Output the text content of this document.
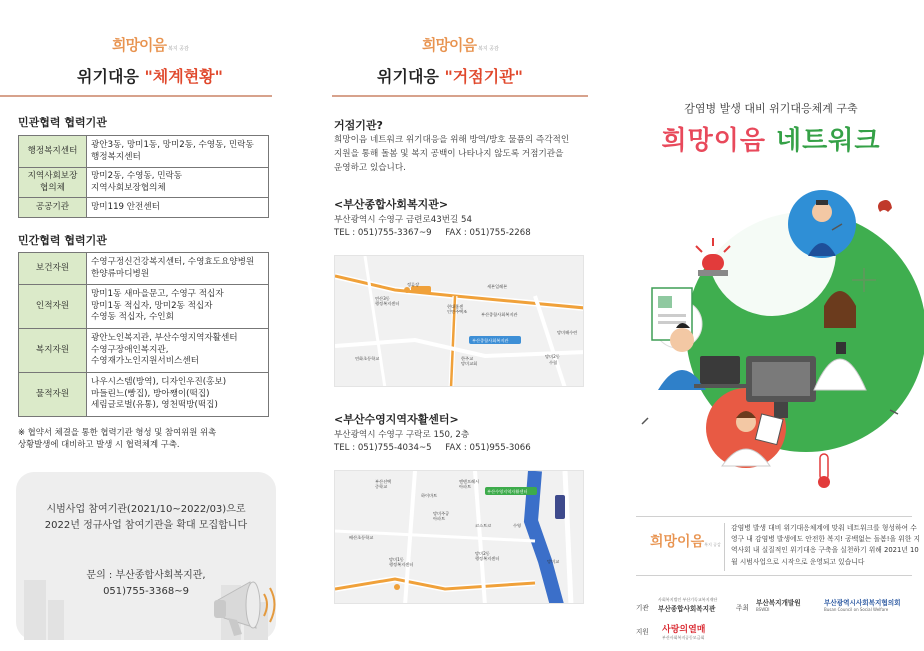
희망이음 복지 공감
위기대응 "체계현황"
민관협력 협력기관
행정복지센터	광안3동, 망미1동, 망미2동, 수영동, 민락동 행정복지센터
지역사회보장
협의체	망미2동, 수영동, 민락동
지역사회보장협의체
공공기관	망미119 안전센터
민간협력 협력기관
보건자원	수영구정신건강복지센터, 수영효도요양병원
한양류마디병원
인적자원	망미1동 새마을문고, 수영구 적십자
망미1동 적십자, 망미2동 적십자
수영동 적십자, 수인회
복지자원	광안노인복지관, 부산수영지역자활센터
수영구장애인복지관,
수영재가노인지원서비스센터
물적자원	나우시스템(방역), 디자인우진(홍보)
마들린느(빵집), 방아쨍이(떡집)
세림글로벌(유통), 영천떡방(떡집)
※ 협약서 체결을 통한 협력기관 형성 및 참여위원 위촉
상황발생에 대비하고 발생 시 협력체계 구축.
시범사업 참여기관(2021/10~2022/03)으로
2022년 정규사업 참여기관을 확대 모집합니다
문의 : 부산종합사회복지관,
051)755-3368~9
희망이음 복지 공감
위기대응 "거점기관"
거점기관?
희망이음 네트워크 위기대응을 위해 방역/방호 물품의 즉각적인 지원을 통해 돌봄 및 복지 공백이 나타나지 않도록 거점기관을 운영하고 있습니다.
<부산종합사회복지관>
부산광역시 수영구 금련로43번길 54
TEL : 051)755-3367~9     FAX : 051)755-2268
연산3동
행정복지센터
현대홈센
인연주택조
세븐일레븐
부산종합사회복지관
부산종합사회복지관
연화초등학교
정류장
망미2동
수협
한주교
망미교회
망미해수련
<부산수영지역자활센터>
부산광역시 수영구 구락로 150, 2층
TEL : 051)755-4034~5     FAX : 051)955-3066
부산선택
중학교
하이마트
망미주공
아파트
엔텐프레시
아파트
부산수영지역자활센터
배산초등학교
망미1동
행정복지센터
코스트코
망미2동
행정복지센터
수영
망미교
감염병 발생 대비 위기대응체계 구축
희망이음 네트워크
희망이음복지 공감
감염병 발생 대비 위기대응체계에 맞춰 네트워크를 형성하여 수영구 내 감염병 발생에도 안전한 복지! 공백없는 돌봄!을 위한 지역사회 내 실질적인 위기대응 구축을 실천하기 위해 2021년 10월 시범사업으로 시작으로 운영되고 있습니다
기관
사회복지법인 부산기독교복지재단
부산종합사회복지관	주최
부산복지개발원
BSWDI
부산광역시사회복지협의회
Busan Council on Social Welfare
지원 사랑의열매
부산사회복지공동모금회
